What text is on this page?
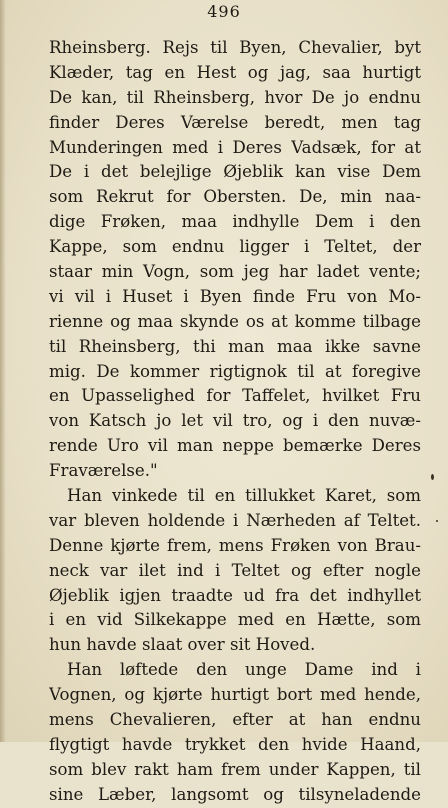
496
Rheinsberg. Rejs til Byen, Chevalier, byt
Klæder, tag en Hest og jag, saa hurtigt
De kan, til Rheinsberg, hvor De jo endnu
finder Deres Værelse beredt, men tag
Munderingen med i Deres Vadsæk, for at
De i det belejlige Øjeblik kan vise Dem
som Rekrut for Obersten. De, min naa-
dige Frøken, maa indhylle Dem i den
Kappe, som endnu ligger i Teltet, der
staar min Vogn, som jeg har ladet vente;
vi vil i Huset i Byen finde Fru von Mo-
rienne og maa skynde os at komme tilbage
til Rheinsberg, thi man maa ikke savne
mig. De kommer rigtignok til at foregive
en Upasselighed for Taffelet, hvilket Fru
von Katsch jo let vil tro, og i den nuvæ-
rende Uro vil man neppe bemærke Deres
Fraværelse."
Han vinkede til en tillukket Karet, som
var bleven holdende i Nærheden af Teltet.
Denne kjørte frem, mens Frøken von Brau-
neck var ilet ind i Teltet og efter nogle
Øjeblik igjen traadte ud fra det indhyllet
i en vid Silkekappe med en Hætte, som
hun havde slaat over sit Hoved.
Han løftede den unge Dame ind i
Vognen, og kjørte hurtigt bort med hende,
mens Chevalieren, efter at han endnu
flygtigt havde trykket den hvide Haand,
som blev rakt ham frem under Kappen, til
sine Læber, langsomt og tilsyneladende
